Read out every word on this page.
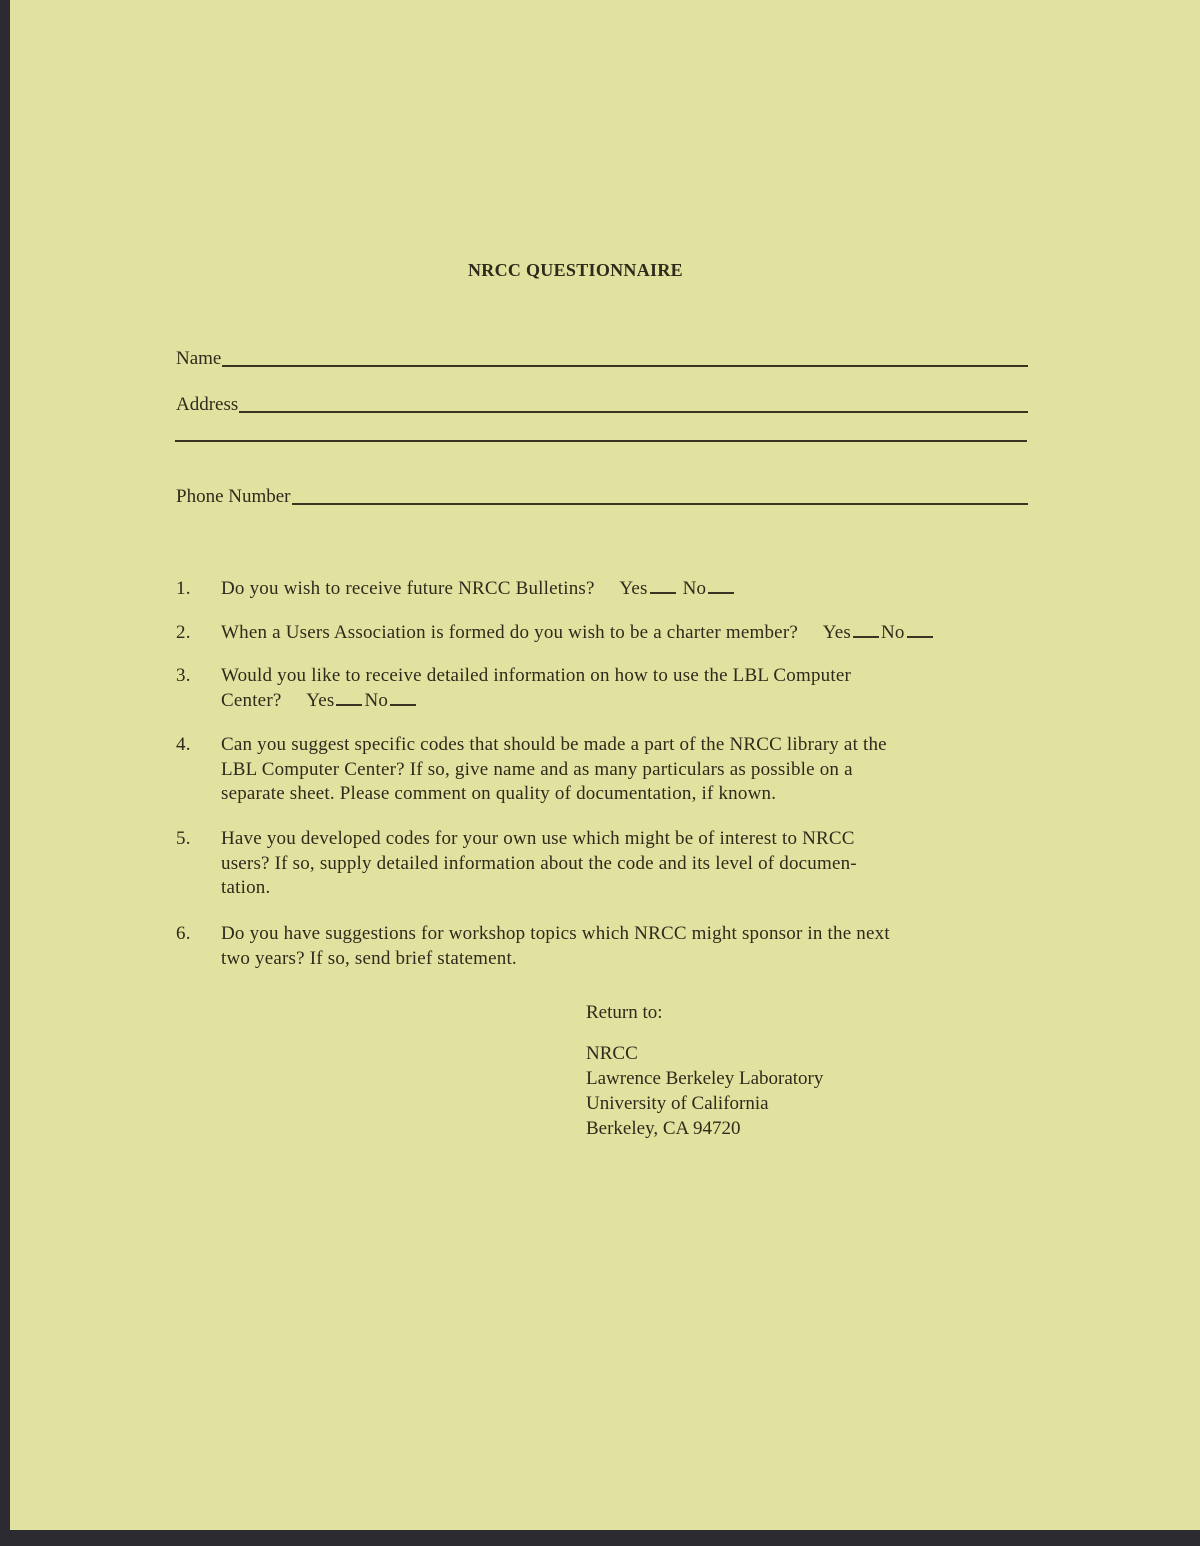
NRCC QUESTIONNAIRE
Name
Address
Phone Number
1. Do you wish to receive future NRCC Bulletins? Yes No
2. When a Users Association is formed do you wish to be a charter member? Yes No
3. Would you like to receive detailed information on how to use the LBL Computer
Center? Yes No
4. Can you suggest specific codes that should be made a part of the NRCC library at the
LBL Computer Center? If so, give name and as many particulars as possible on a
separate sheet. Please comment on quality of documentation, if known.
5. Have you developed codes for your own use which might be of interest to NRCC
users? If so, supply detailed information about the code and its level of documen-
tation.
6. Do you have suggestions for workshop topics which NRCC might sponsor in the next
two years? If so, send brief statement.
Return to:
NRCC
Lawrence Berkeley Laboratory
University of California
Berkeley, CA 94720
